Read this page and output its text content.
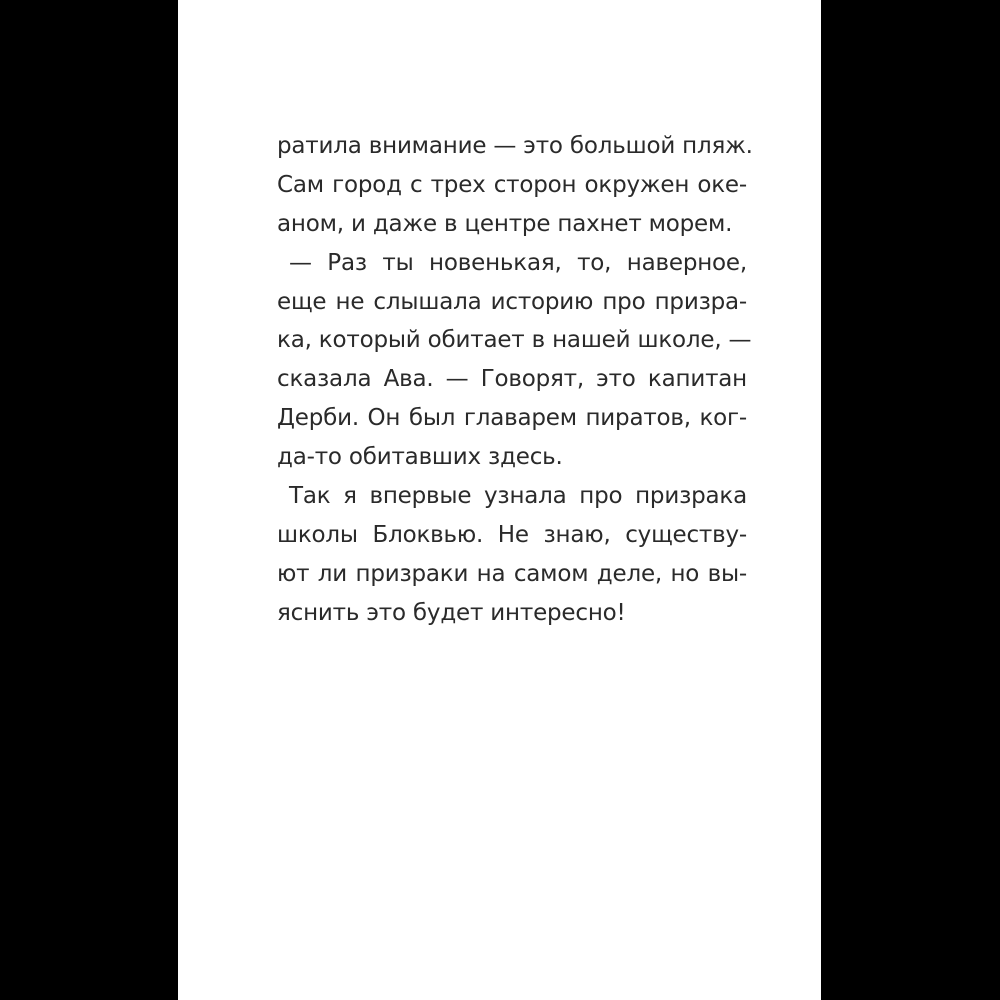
ратила внимание — это большой пляж.
Сам город с трех сторон окружен оке-
аном, и даже в центре пахнет морем.
— Раз ты новенькая, то, наверное,
еще не слышала историю про призра-
ка, который обитает в нашей школе, —
сказала Ава. — Говорят, это капитан
Дерби. Он был главарем пиратов, ког-
да-то обитавших здесь.
Так я впервые узнала про призрака
школы Блоквью. Не знаю, существу-
ют ли призраки на самом деле, но вы-
яснить это будет интересно!
